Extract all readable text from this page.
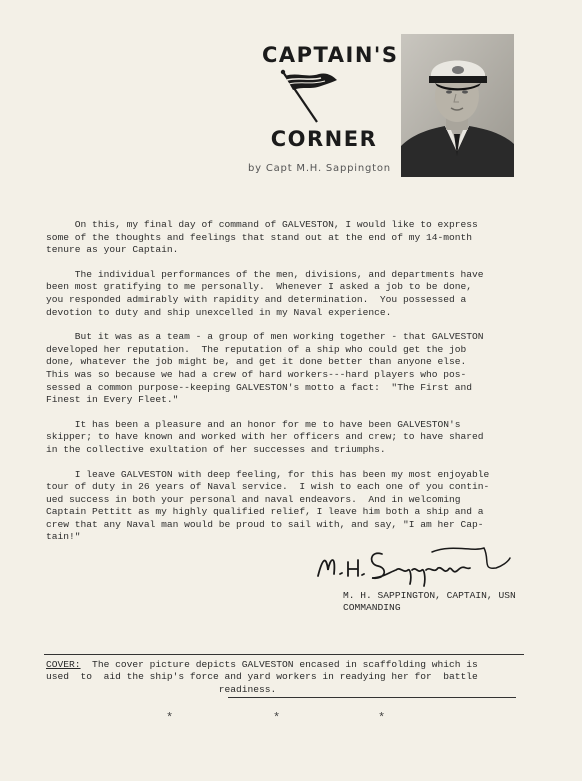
CAPTAIN'S
CORNER
by Capt M.H. Sappington

On this, my final day of command of GALVESTON, I would like to express
some of the thoughts and feelings that stand out at the end of my 14-month
tenure as your Captain.

The individual performances of the men, divisions, and departments have
been most gratifying to me personally.  Whenever I asked a job to be done,
you responded admirably with rapidity and determination.  You possessed a
devotion to duty and ship unexcelled in my Naval experience.

But it was as a team - a group of men working together - that GALVESTON
developed her reputation.  The reputation of a ship who could get the job
done, whatever the job might be, and get it done better than anyone else.
This was so because we had a crew of hard workers---hard players who pos-
sessed a common purpose--keeping GALVESTON's motto a fact:  "The First and
Finest in Every Fleet."

It has been a pleasure and an honor for me to have been GALVESTON's
skipper; to have known and worked with her officers and crew; to have shared
in the collective exultation of her successes and triumphs.

I leave GALVESTON with deep feeling, for this has been my most enjoyable
tour of duty in 26 years of Naval service.  I wish to each one of you contin-
ued success in both your personal and naval endeavors.  And in welcoming
Captain Pettitt as my highly qualified relief, I leave him both a ship and a
crew that any Naval man would be proud to sail with, and say, "I am her Cap-
tain!"

M. H. SAPPINGTON, CAPTAIN, USN
COMMANDING
COVER:  The cover picture depicts GALVESTON encased in scaffolding which is
used  to  aid the ship's force and yard workers in readying her for  battle
readiness.
*	*	*
